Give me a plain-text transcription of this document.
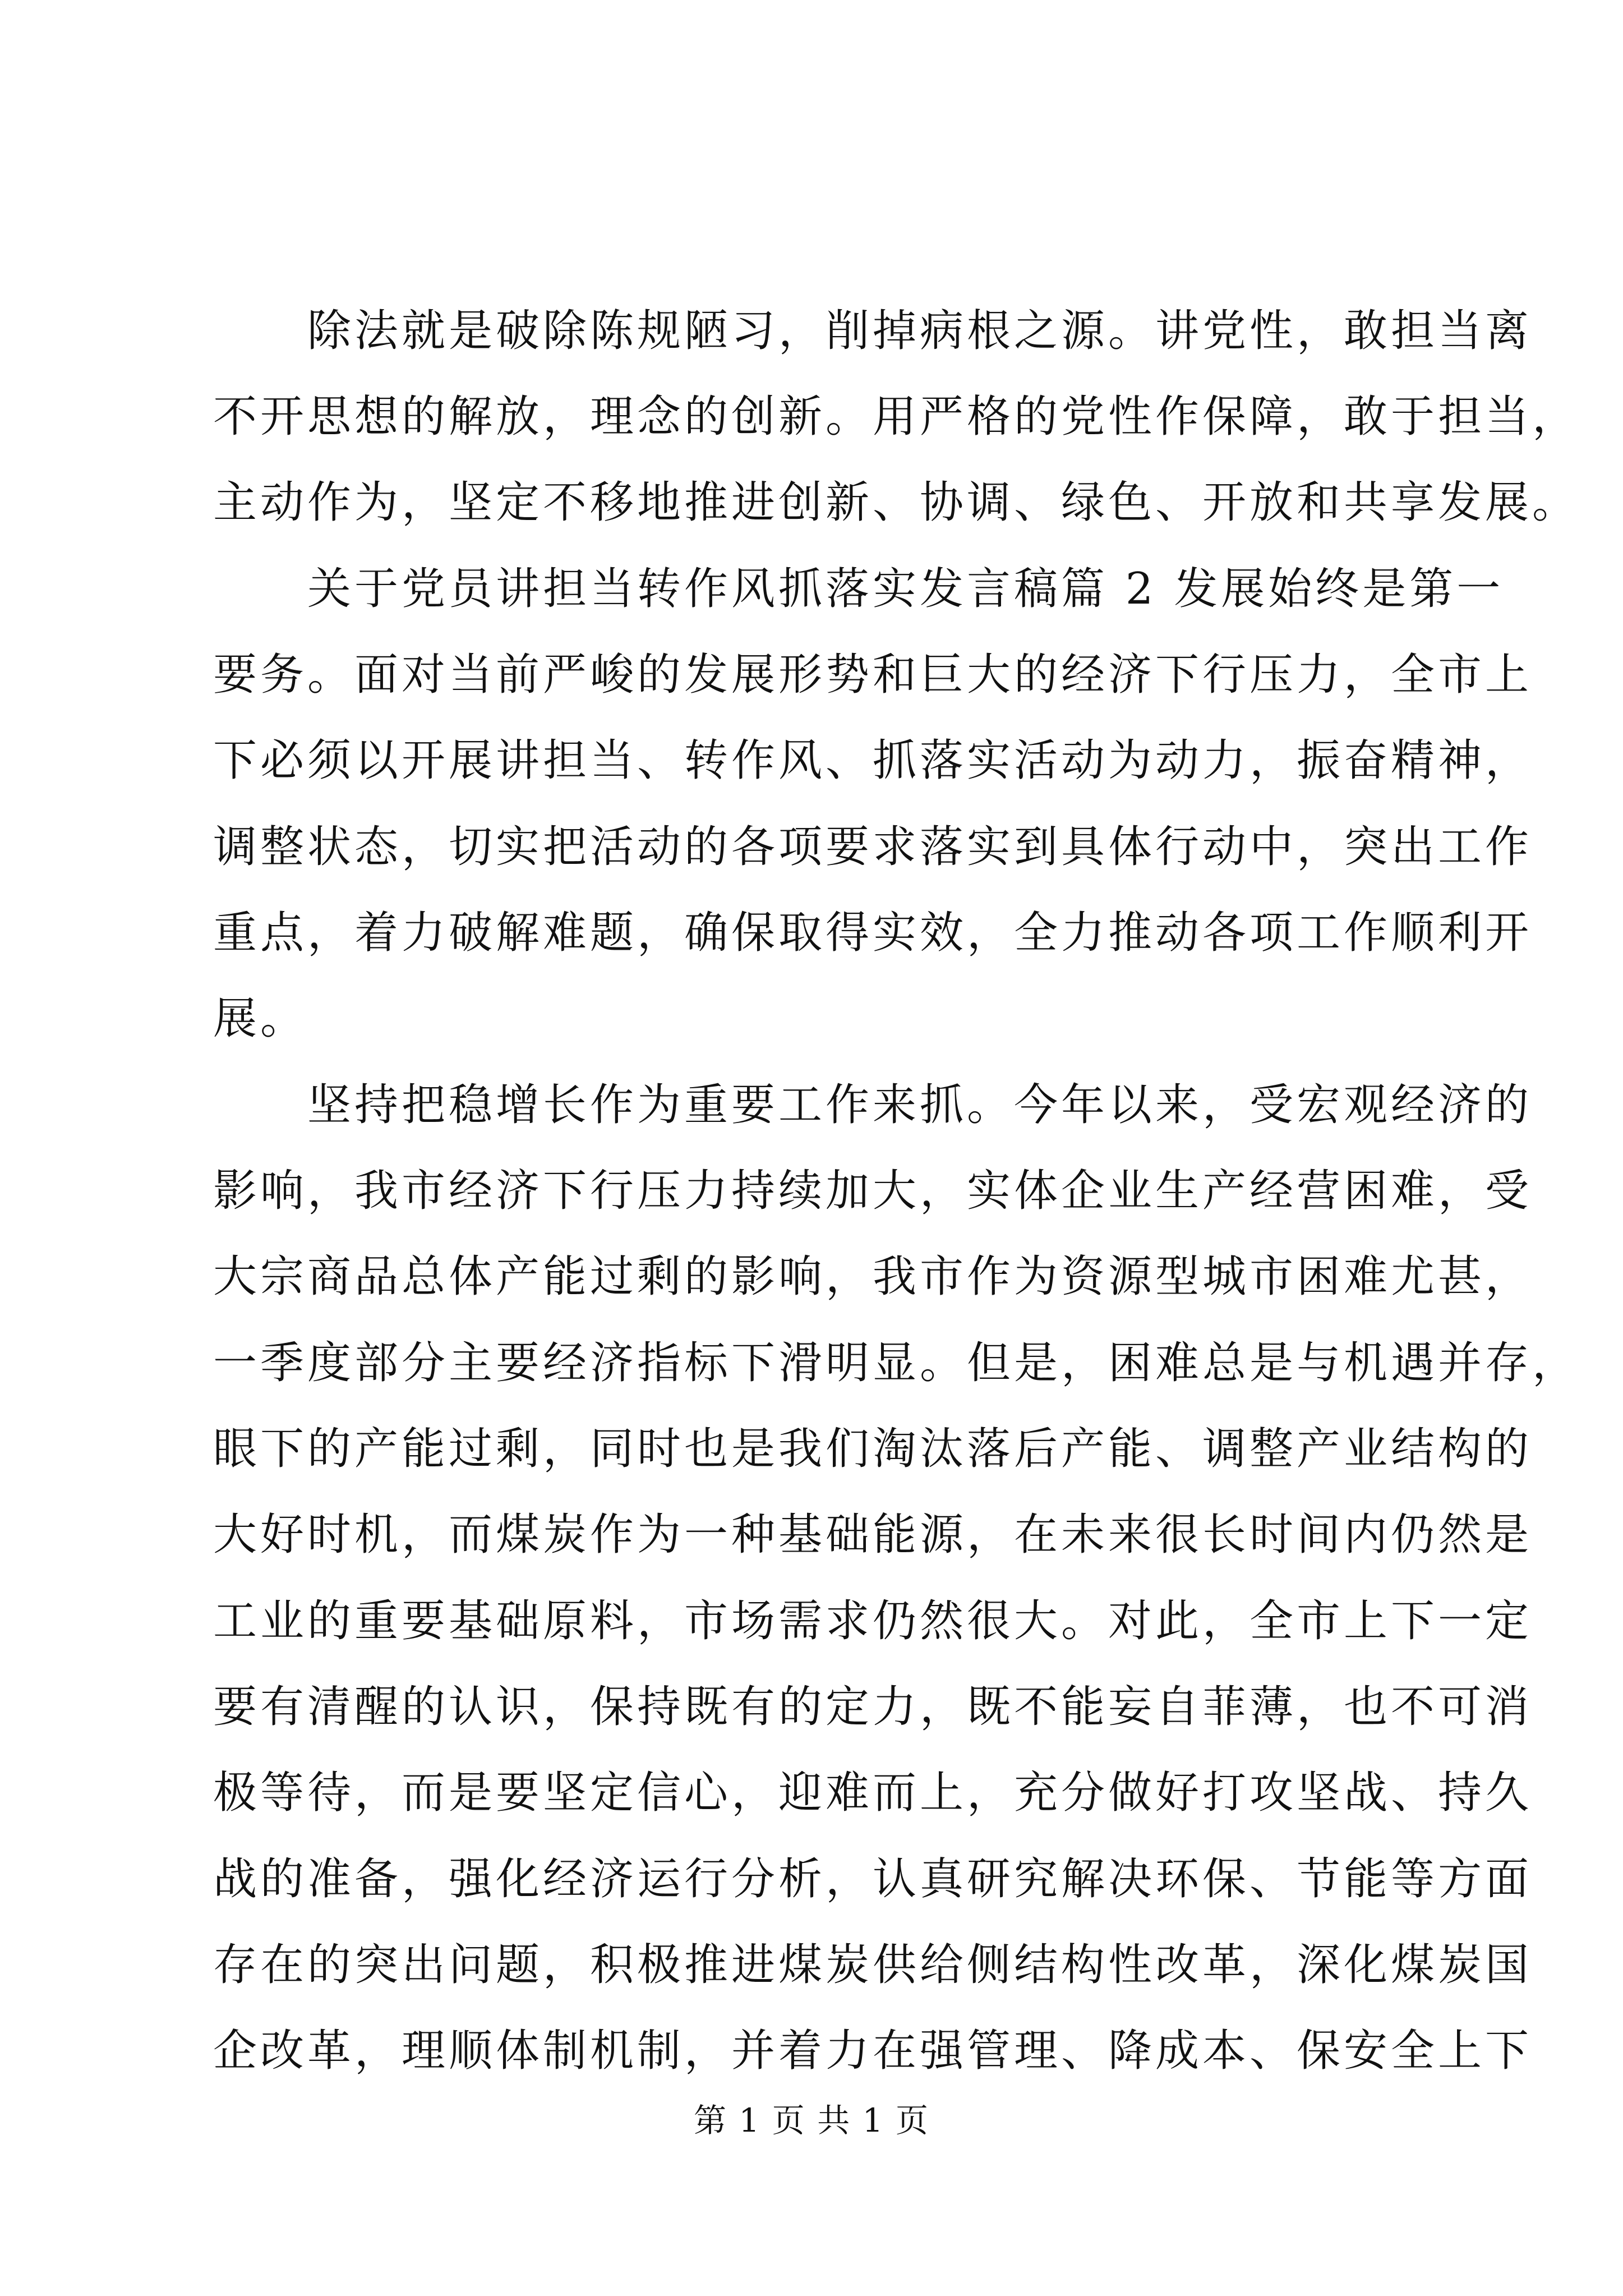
　　除法就是破除陈规陋习，削掉病根之源。讲党性，敢担当离
不开思想的解放，理念的创新。用严格的党性作保障，敢于担当，
主动作为，坚定不移地推进创新、协调、绿色、开放和共享发展。
　　关于党员讲担当转作风抓落实发言稿篇 2 发展始终是第一
要务。面对当前严峻的发展形势和巨大的经济下行压力，全市上
下必须以开展讲担当、转作风、抓落实活动为动力，振奋精神，
调整状态，切实把活动的各项要求落实到具体行动中，突出工作
重点，着力破解难题，确保取得实效，全力推动各项工作顺利开
展。
　　坚持把稳增长作为重要工作来抓。今年以来，受宏观经济的
影响，我市经济下行压力持续加大，实体企业生产经营困难，受
大宗商品总体产能过剩的影响，我市作为资源型城市困难尤甚，
一季度部分主要经济指标下滑明显。但是，困难总是与机遇并存，
眼下的产能过剩，同时也是我们淘汰落后产能、调整产业结构的
大好时机，而煤炭作为一种基础能源，在未来很长时间内仍然是
工业的重要基础原料，市场需求仍然很大。对此，全市上下一定
要有清醒的认识，保持既有的定力，既不能妄自菲薄，也不可消
极等待，而是要坚定信心，迎难而上，充分做好打攻坚战、持久
战的准备，强化经济运行分析，认真研究解决环保、节能等方面
存在的突出问题，积极推进煤炭供给侧结构性改革，深化煤炭国
企改革，理顺体制机制，并着力在强管理、降成本、保安全上下
第 1 页 共 1 页
